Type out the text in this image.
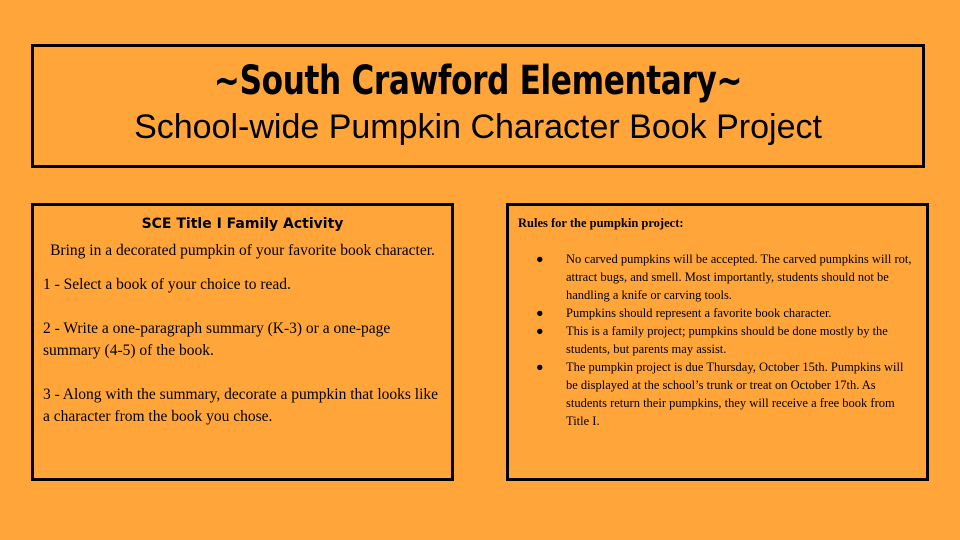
~South Crawford Elementary~
School-wide Pumpkin Character Book Project
SCE Title I Family Activity
Bring in a decorated pumpkin of your favorite book character.
1 - Select a book of your choice to read.
2 - Write a one-paragraph summary (K-3) or a one-page summary (4-5) of the book.
3 - Along with the summary, decorate a pumpkin that looks like a character from the book you chose.
Rules for the pumpkin project:
● No carved pumpkins will be accepted. The carved pumpkins will rot, attract bugs, and smell. Most importantly, students should not be handling a knife or carving tools.
● Pumpkins should represent a favorite book character.
● This is a family project; pumpkins should be done mostly by the students, but parents may assist.
● The pumpkin project is due Thursday, October 15th. Pumpkins will be displayed at the school’s trunk or treat on October 17th. As students return their pumpkins, they will receive a free book from Title I.
